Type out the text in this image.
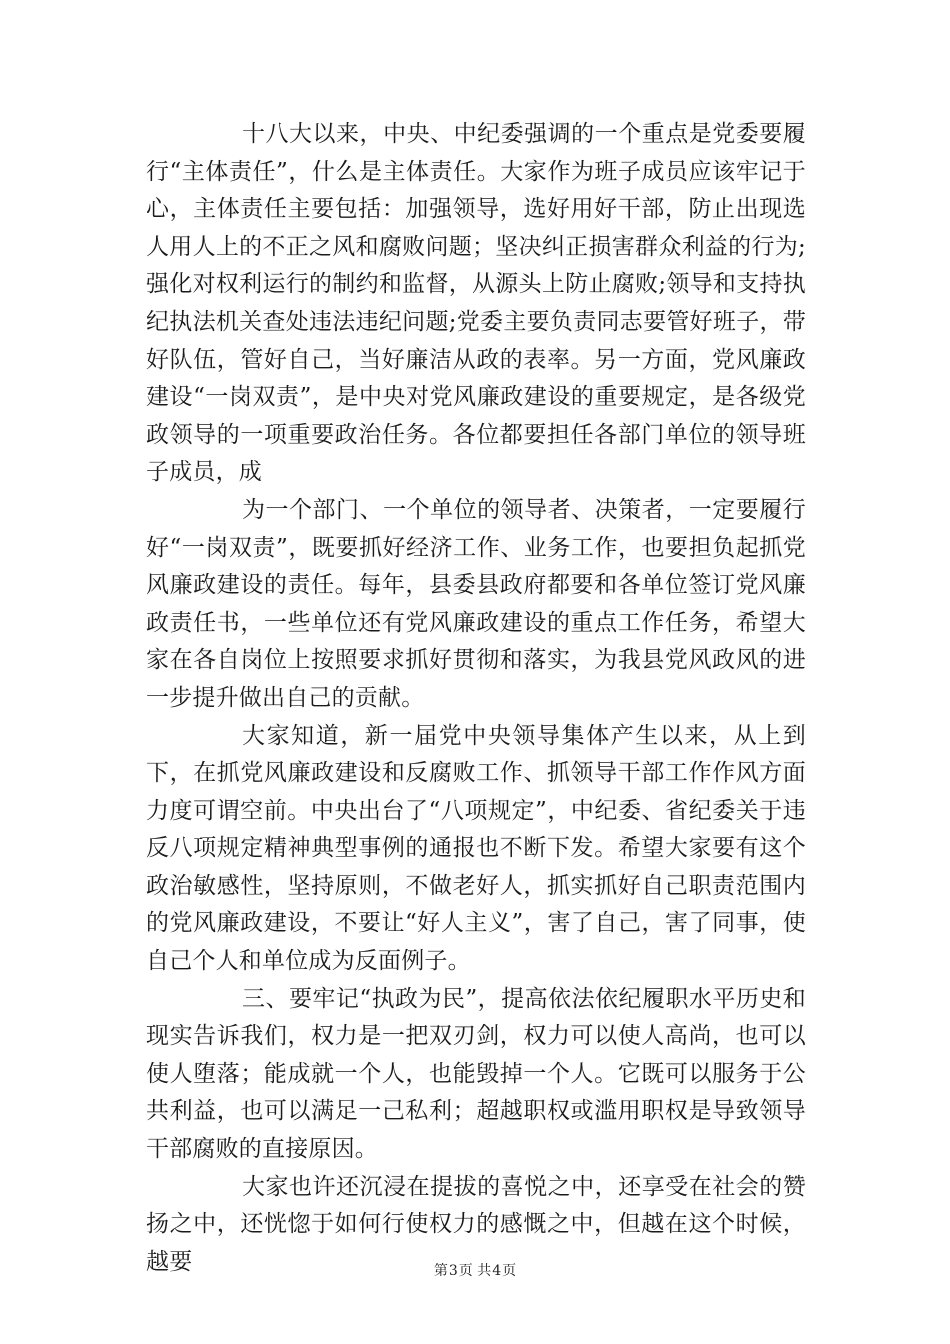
十八大以来，中央、中纪委强调的一个重点是党委要履行“主体责任”，什么是主体责任。大家作为班子成员应该牢记于心，主体责任主要包括：加强领导，选好用好干部，防止出现选人用人上的不正之风和腐败问题；坚决纠正损害群众利益的行为;强化对权利运行的制约和监督，从源头上防止腐败;领导和支持执纪执法机关查处违法违纪问题;党委主要负责同志要管好班子，带好队伍，管好自己，当好廉洁从政的表率。另一方面，党风廉政建设“一岗双责”，是中央对党风廉政建设的重要规定，是各级党政领导的一项重要政治任务。各位都要担任各部门单位的领导班子成员，成

为一个部门、一个单位的领导者、决策者，一定要履行好“一岗双责”，既要抓好经济工作、业务工作，也要担负起抓党风廉政建设的责任。每年，县委县政府都要和各单位签订党风廉政责任书，一些单位还有党风廉政建设的重点工作任务，希望大家在各自岗位上按照要求抓好贯彻和落实，为我县党风政风的进一步提升做出自己的贡献。

大家知道，新一届党中央领导集体产生以来，从上到下，在抓党风廉政建设和反腐败工作、抓领导干部工作作风方面力度可谓空前。中央出台了“八项规定”，中纪委、省纪委关于违反八项规定精神典型事例的通报也不断下发。希望大家要有这个政治敏感性，坚持原则，不做老好人，抓实抓好自己职责范围内的党风廉政建设，不要让“好人主义”，害了自己，害了同事，使自己个人和单位成为反面例子。

三、要牢记“执政为民”，提高依法依纪履职水平历史和现实告诉我们，权力是一把双刃剑，权力可以使人高尚，也可以使人堕落；能成就一个人，也能毁掉一个人。它既可以服务于公共利益，也可以满足一己私利；超越职权或滥用职权是导致领导干部腐败的直接原因。

大家也许还沉浸在提拔的喜悦之中，还享受在社会的赞扬之中，还恍惚于如何行使权力的感慨之中，但越在这个时候，越要	第3页 共4页
